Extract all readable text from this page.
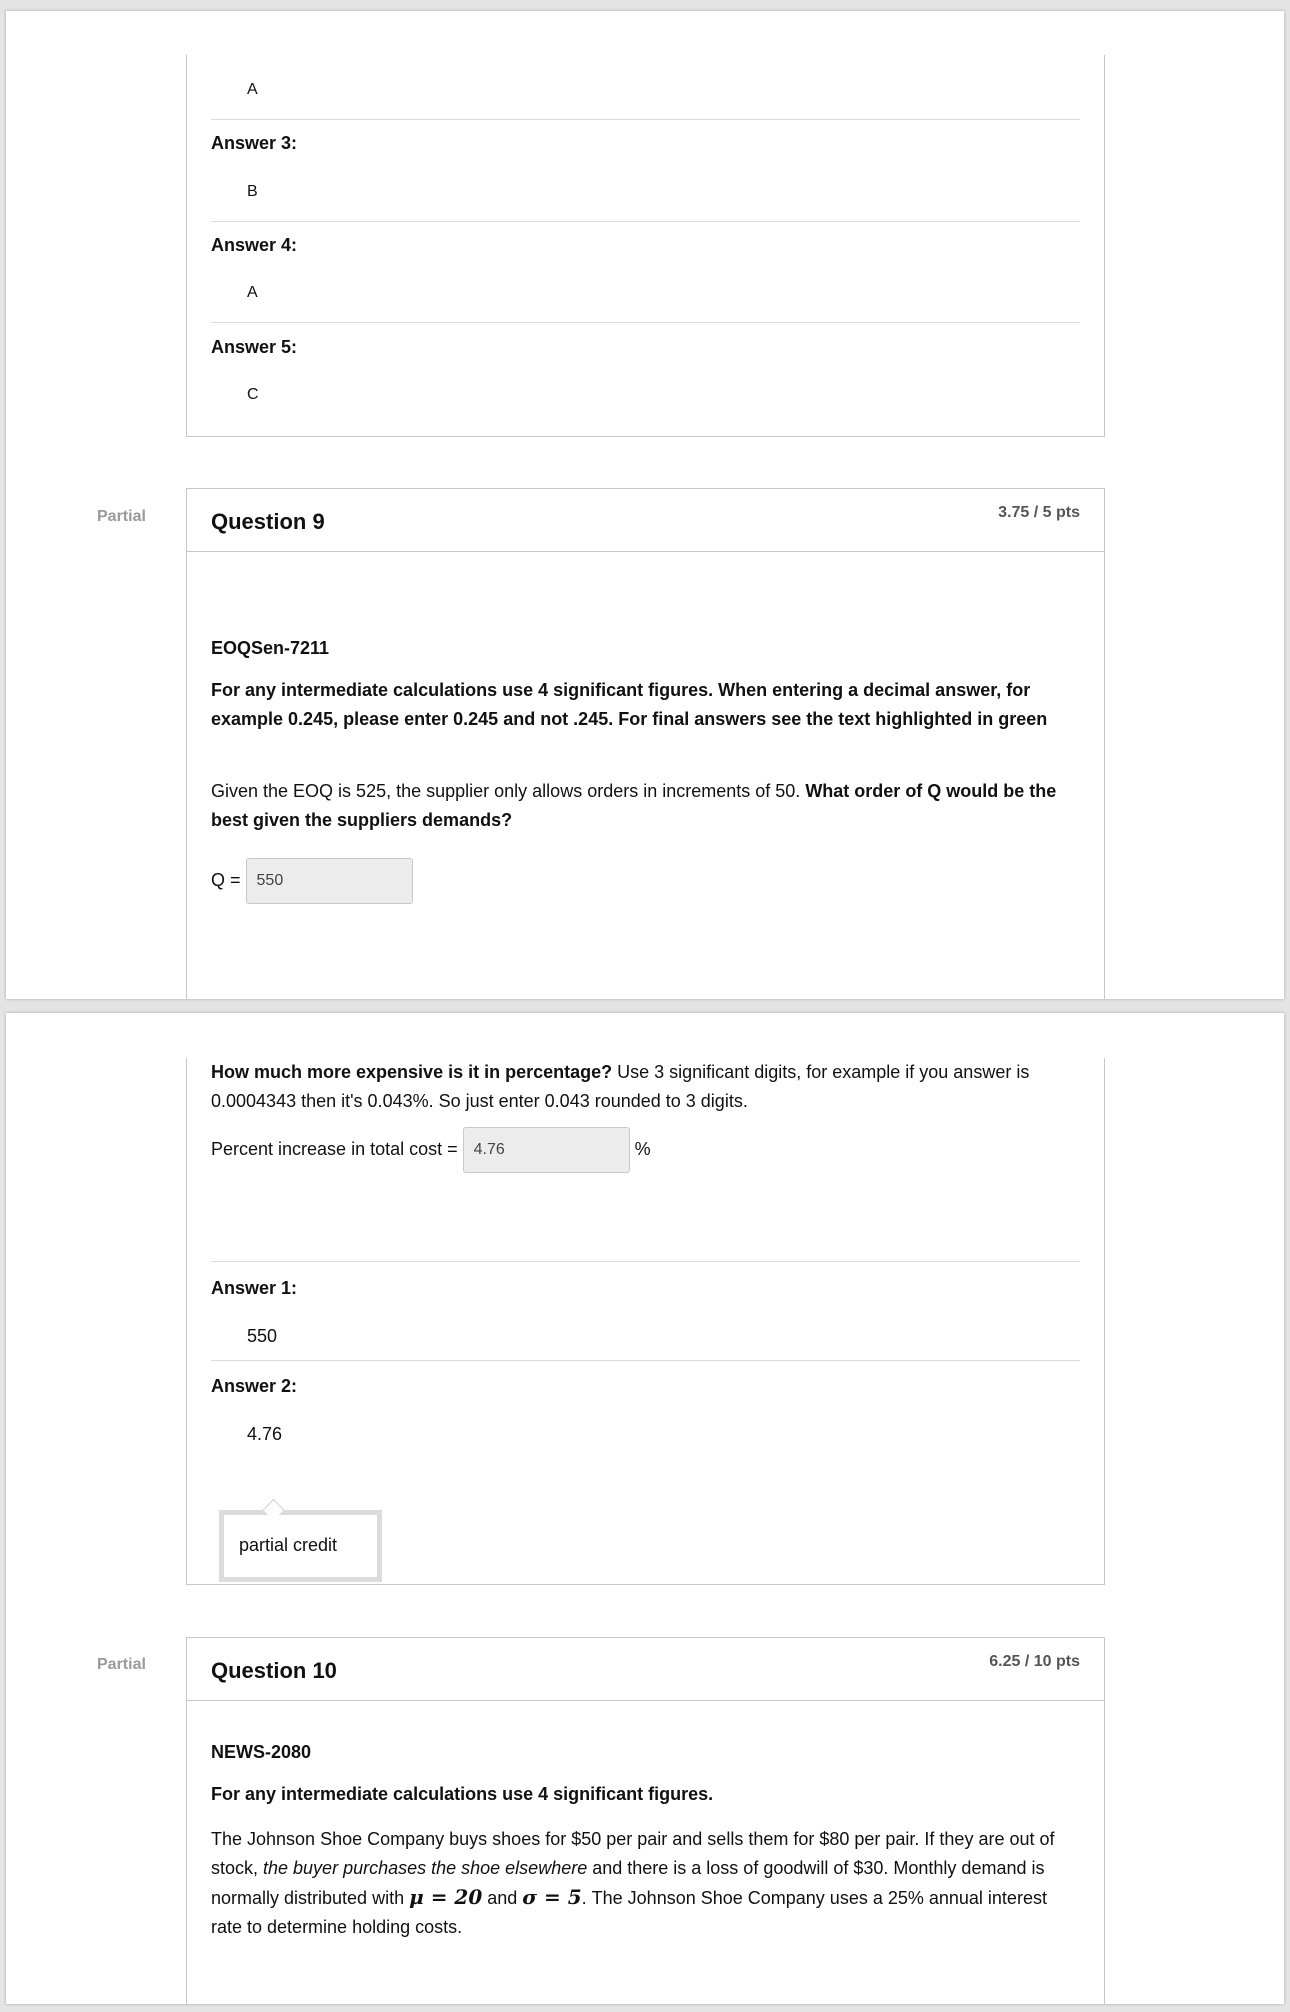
A
Answer 3:
B
Answer 4:
A
Answer 5:
C
Partial	Question 9	3.75 / 5 pts
EOQSen-7211
For any intermediate calculations use 4 significant figures. When entering a decimal answer, for example 0.245, please enter 0.245 and not .245. For final answers see the text highlighted in green
Given the EOQ is 525, the supplier only allows orders in increments of 50. What order of Q would be the best given the suppliers demands?
Q = 550
How much more expensive is it in percentage? Use 3 significant digits, for example if you answer is 0.0004343 then it's 0.043%. So just enter 0.043 rounded to 3 digits.
Percent increase in total cost = 4.76	%
Answer 1:
550
Answer 2:
4.76
partial credit
Partial	Question 10	6.25 / 10 pts
NEWS-2080
For any intermediate calculations use 4 significant figures.
The Johnson Shoe Company buys shoes for $50 per pair and sells them for $80 per pair. If they are out of stock, the buyer purchases the shoe elsewhere and there is a loss of goodwill of $30. Monthly demand is normally distributed with μ = 20 and σ = 5. The Johnson Shoe Company uses a 25% annual interest rate to determine holding costs.
